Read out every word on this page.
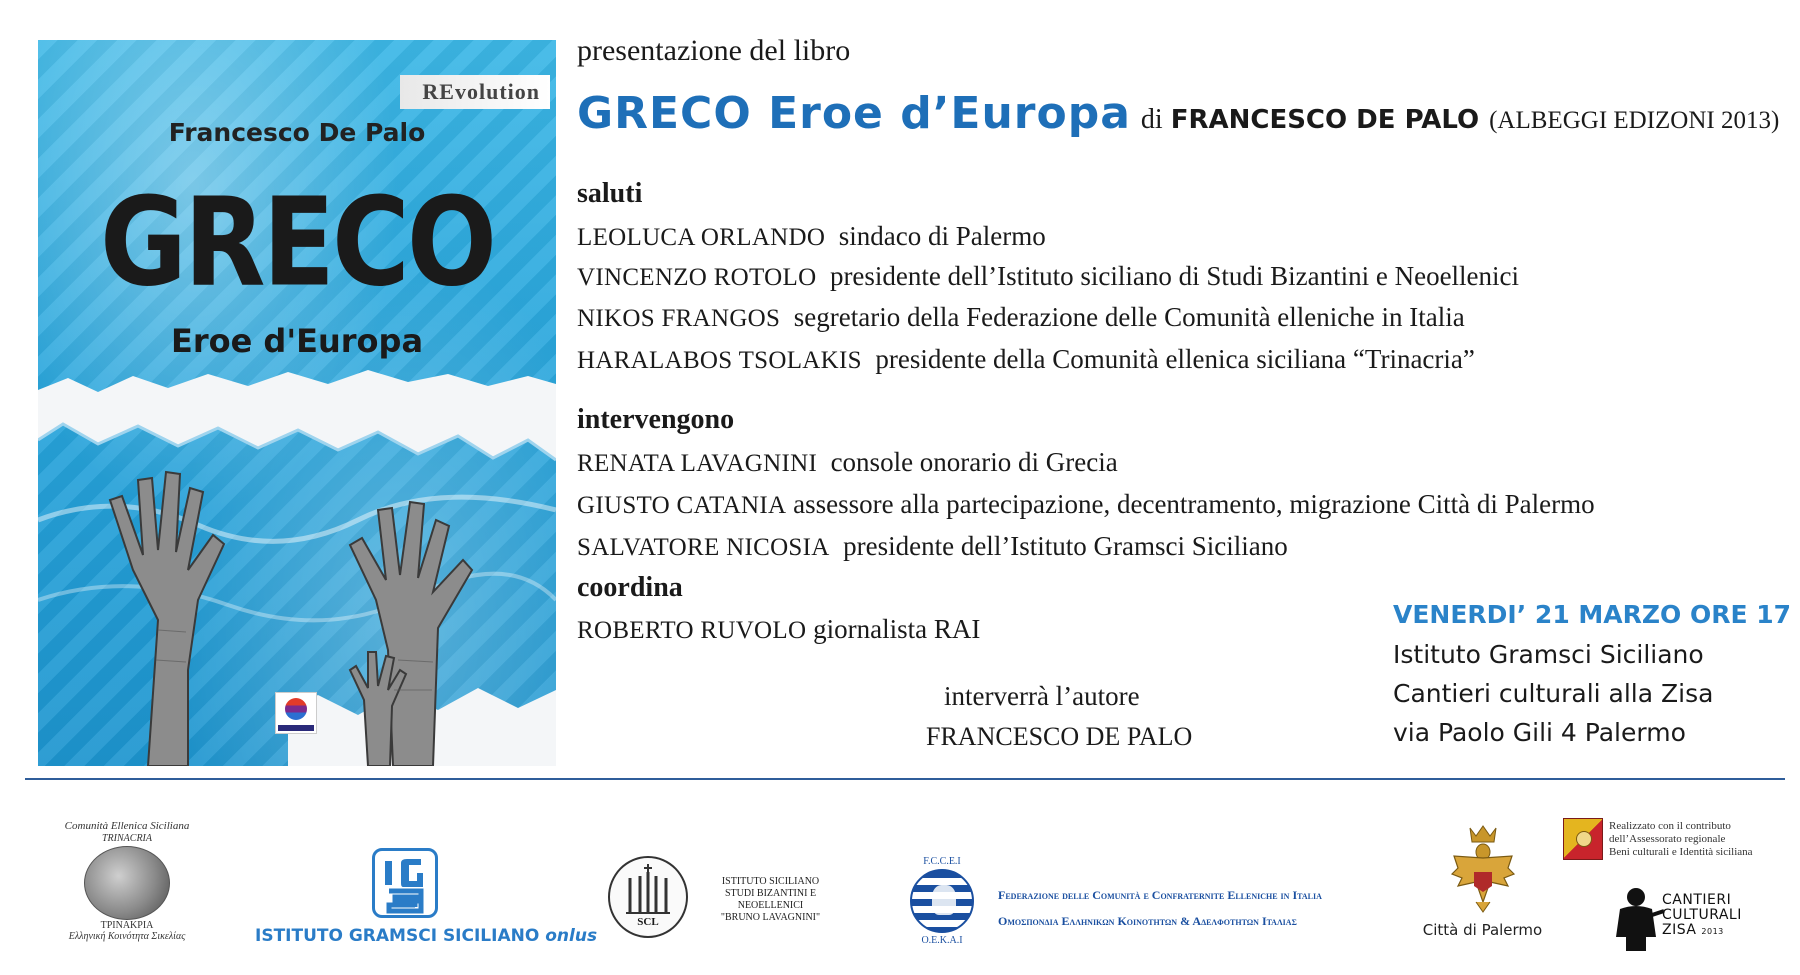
REvolution
Francesco De Palo
GRECO
Eroe d'Europa
presentazione del libro
GRECO Eroe d’Europa di FRANCESCO DE PALO (ALBEGGI EDIZONI 2013)
saluti
LEOLUCA ORLANDO sindaco di Palermo
VINCENZO ROTOLO presidente dell’Istituto siciliano di Studi Bizantini e Neoellenici
NIKOS FRANGOS segretario della Federazione delle Comunità elleniche in Italia
HARALABOS TSOLAKIS presidente della Comunità ellenica siciliana “Trinacria”
intervengono
RENATA LAVAGNINI console onorario di Grecia
GIUSTO CATANIA assessore alla partecipazione, decentramento, migrazione Città di Palermo
SALVATORE NICOSIA presidente dell’Istituto Gramsci Siciliano
coordina
ROBERTO RUVOLO giornalista RAI
interverrà l’autore
FRANCESCO DE PALO
VENERDI’ 21 MARZO ORE 17
Istituto Gramsci Siciliano
Cantieri culturali alla Zisa
via Paolo Gili 4 Palermo
Comunità Ellenica Siciliana
TRINACRIA
ΤΡΙΝΑΚΡΙΑ
Ελληνική Κοινότητα Σικελίας	ISTITUTO GRAMSCI SICILIANO onlus
SCL
ISTITUTO SICILIANO
STUDI BIZANTINI E NEOELLENICI
"BRUNO LAVAGNINI"
F.C.C.E.I
O.E.K.A.I
Federazione delle Comunità e Confraternite Elleniche in Italia
Ομοσπονδια Ελληνικων Κοινοτητων & Αδελφοτητων Ιταλιας	Città di Palermo
Realizzato con il contributo
dell’Assessorato regionale
Beni culturali e Identità siciliana
CANTIERI
CULTURALI
ZISA 2013
